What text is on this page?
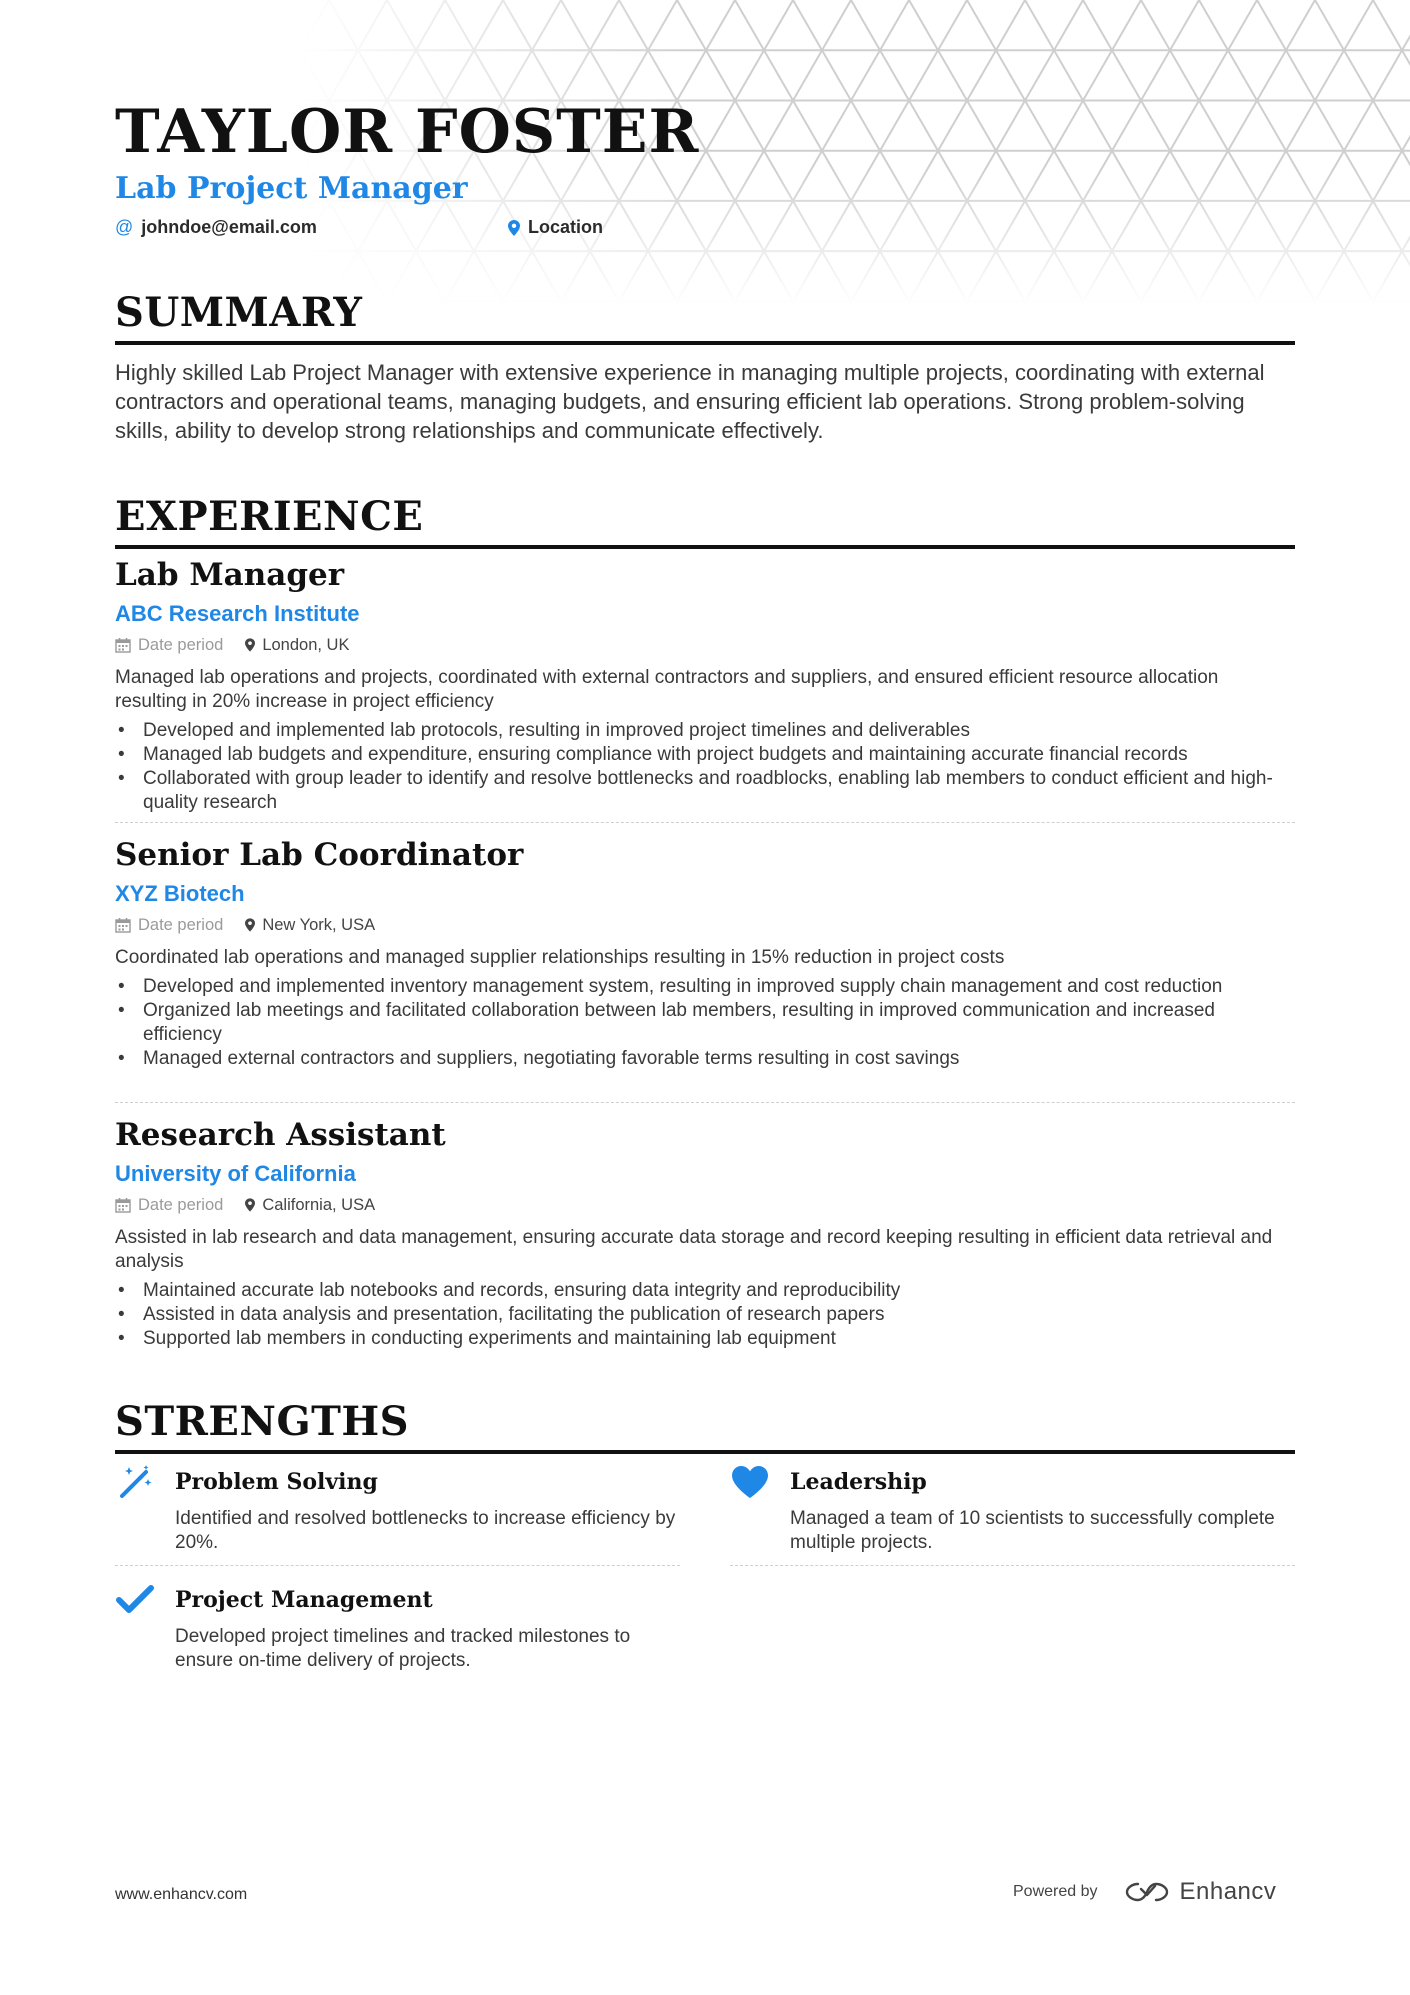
TAYLOR FOSTER
Lab Project Manager
@ johndoe@email.com	Location
SUMMARY
Highly skilled Lab Project Manager with extensive experience in managing multiple projects, coordinating with external contractors and operational teams, managing budgets, and ensuring efficient lab operations. Strong problem-solving skills, ability to develop strong relationships and communicate effectively.
EXPERIENCE
Lab Manager
ABC Research Institute
Date period London, UK
Managed lab operations and projects, coordinated with external contractors and suppliers, and ensured efficient resource allocation resulting in 20% increase in project efficiency
• Developed and implemented lab protocols, resulting in improved project timelines and deliverables
• Managed lab budgets and expenditure, ensuring compliance with project budgets and maintaining accurate financial records
• Collaborated with group leader to identify and resolve bottlenecks and roadblocks, enabling lab members to conduct efficient and high-quality research
Senior Lab Coordinator
XYZ Biotech
Date period New York, USA
Coordinated lab operations and managed supplier relationships resulting in 15% reduction in project costs
• Developed and implemented inventory management system, resulting in improved supply chain management and cost reduction
• Organized lab meetings and facilitated collaboration between lab members, resulting in improved communication and increased efficiency
• Managed external contractors and suppliers, negotiating favorable terms resulting in cost savings
Research Assistant
University of California
Date period California, USA
Assisted in lab research and data management, ensuring accurate data storage and record keeping resulting in efficient data retrieval and analysis
• Maintained accurate lab notebooks and records, ensuring data integrity and reproducibility
• Assisted in data analysis and presentation, facilitating the publication of research papers
• Supported lab members in conducting experiments and maintaining lab equipment
STRENGTHS
Problem Solving
Identified and resolved bottlenecks to increase efficiency by 20%.
Leadership
Managed a team of 10 scientists to successfully complete multiple projects.
Project Management
Developed project timelines and tracked milestones to ensure on-time delivery of projects.
www.enhancv.com	Powered by	Enhancv
